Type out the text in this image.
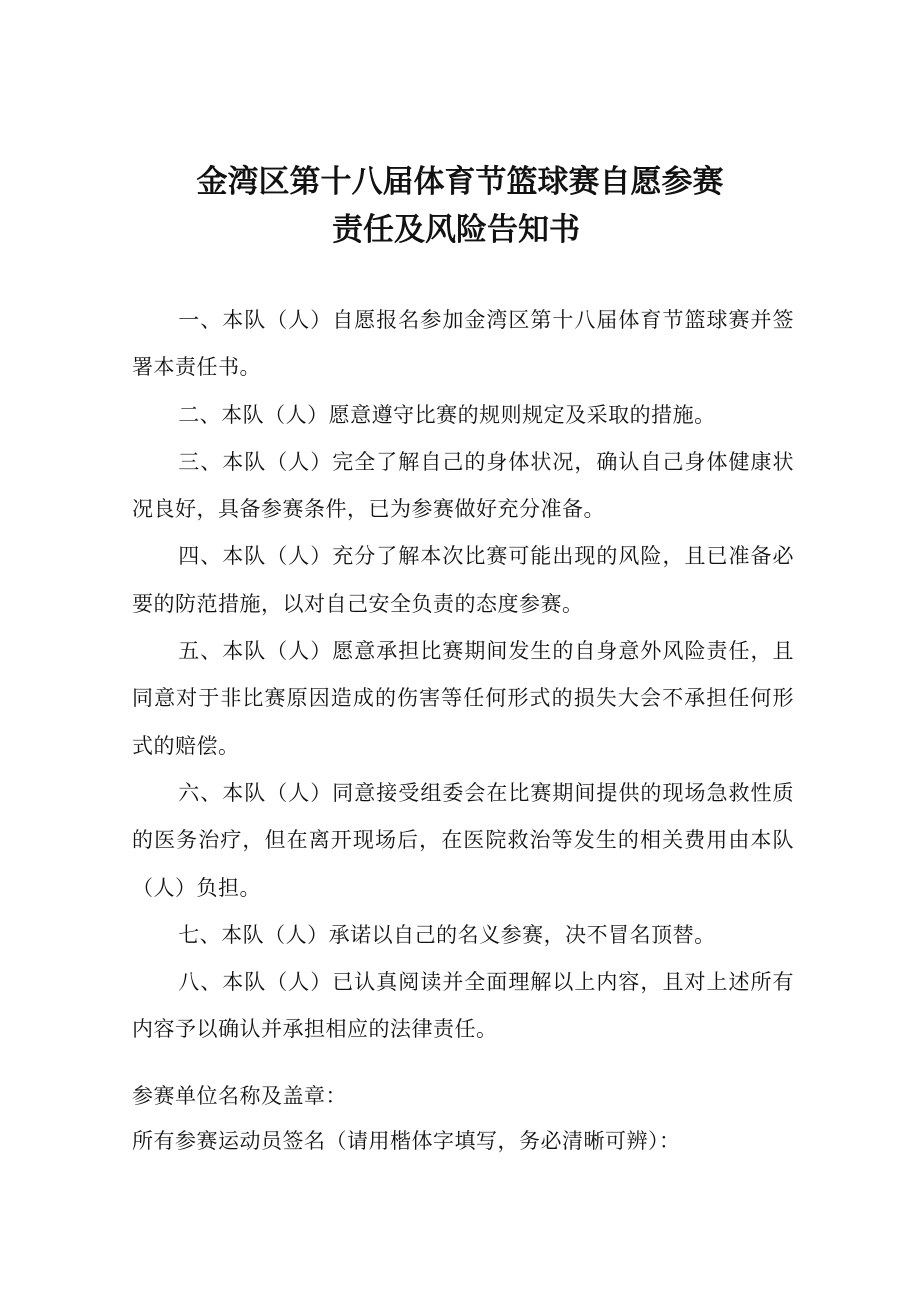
金湾区第十八届体育节篮球赛自愿参赛
责任及风险告知书

一、本队（人）自愿报名参加金湾区第十八届体育节篮球赛并签署本责任书。

二、本队（人）愿意遵守比赛的规则规定及采取的措施。

三、本队（人）完全了解自己的身体状况，确认自己身体健康状况良好，具备参赛条件，已为参赛做好充分准备。

四、本队（人）充分了解本次比赛可能出现的风险，且已准备必要的防范措施，以对自己安全负责的态度参赛。

五、本队（人）愿意承担比赛期间发生的自身意外风险责任，且同意对于非比赛原因造成的伤害等任何形式的损失大会不承担任何形式的赔偿。

六、本队（人）同意接受组委会在比赛期间提供的现场急救性质的医务治疗，但在离开现场后，在医院救治等发生的相关费用由本队（人）负担。

七、本队（人）承诺以自己的名义参赛，决不冒名顶替。

八、本队（人）已认真阅读并全面理解以上内容，且对上述所有内容予以确认并承担相应的法律责任。

参赛单位名称及盖章：
所有参赛运动员签名（请用楷体字填写，务必清晰可辨）：
